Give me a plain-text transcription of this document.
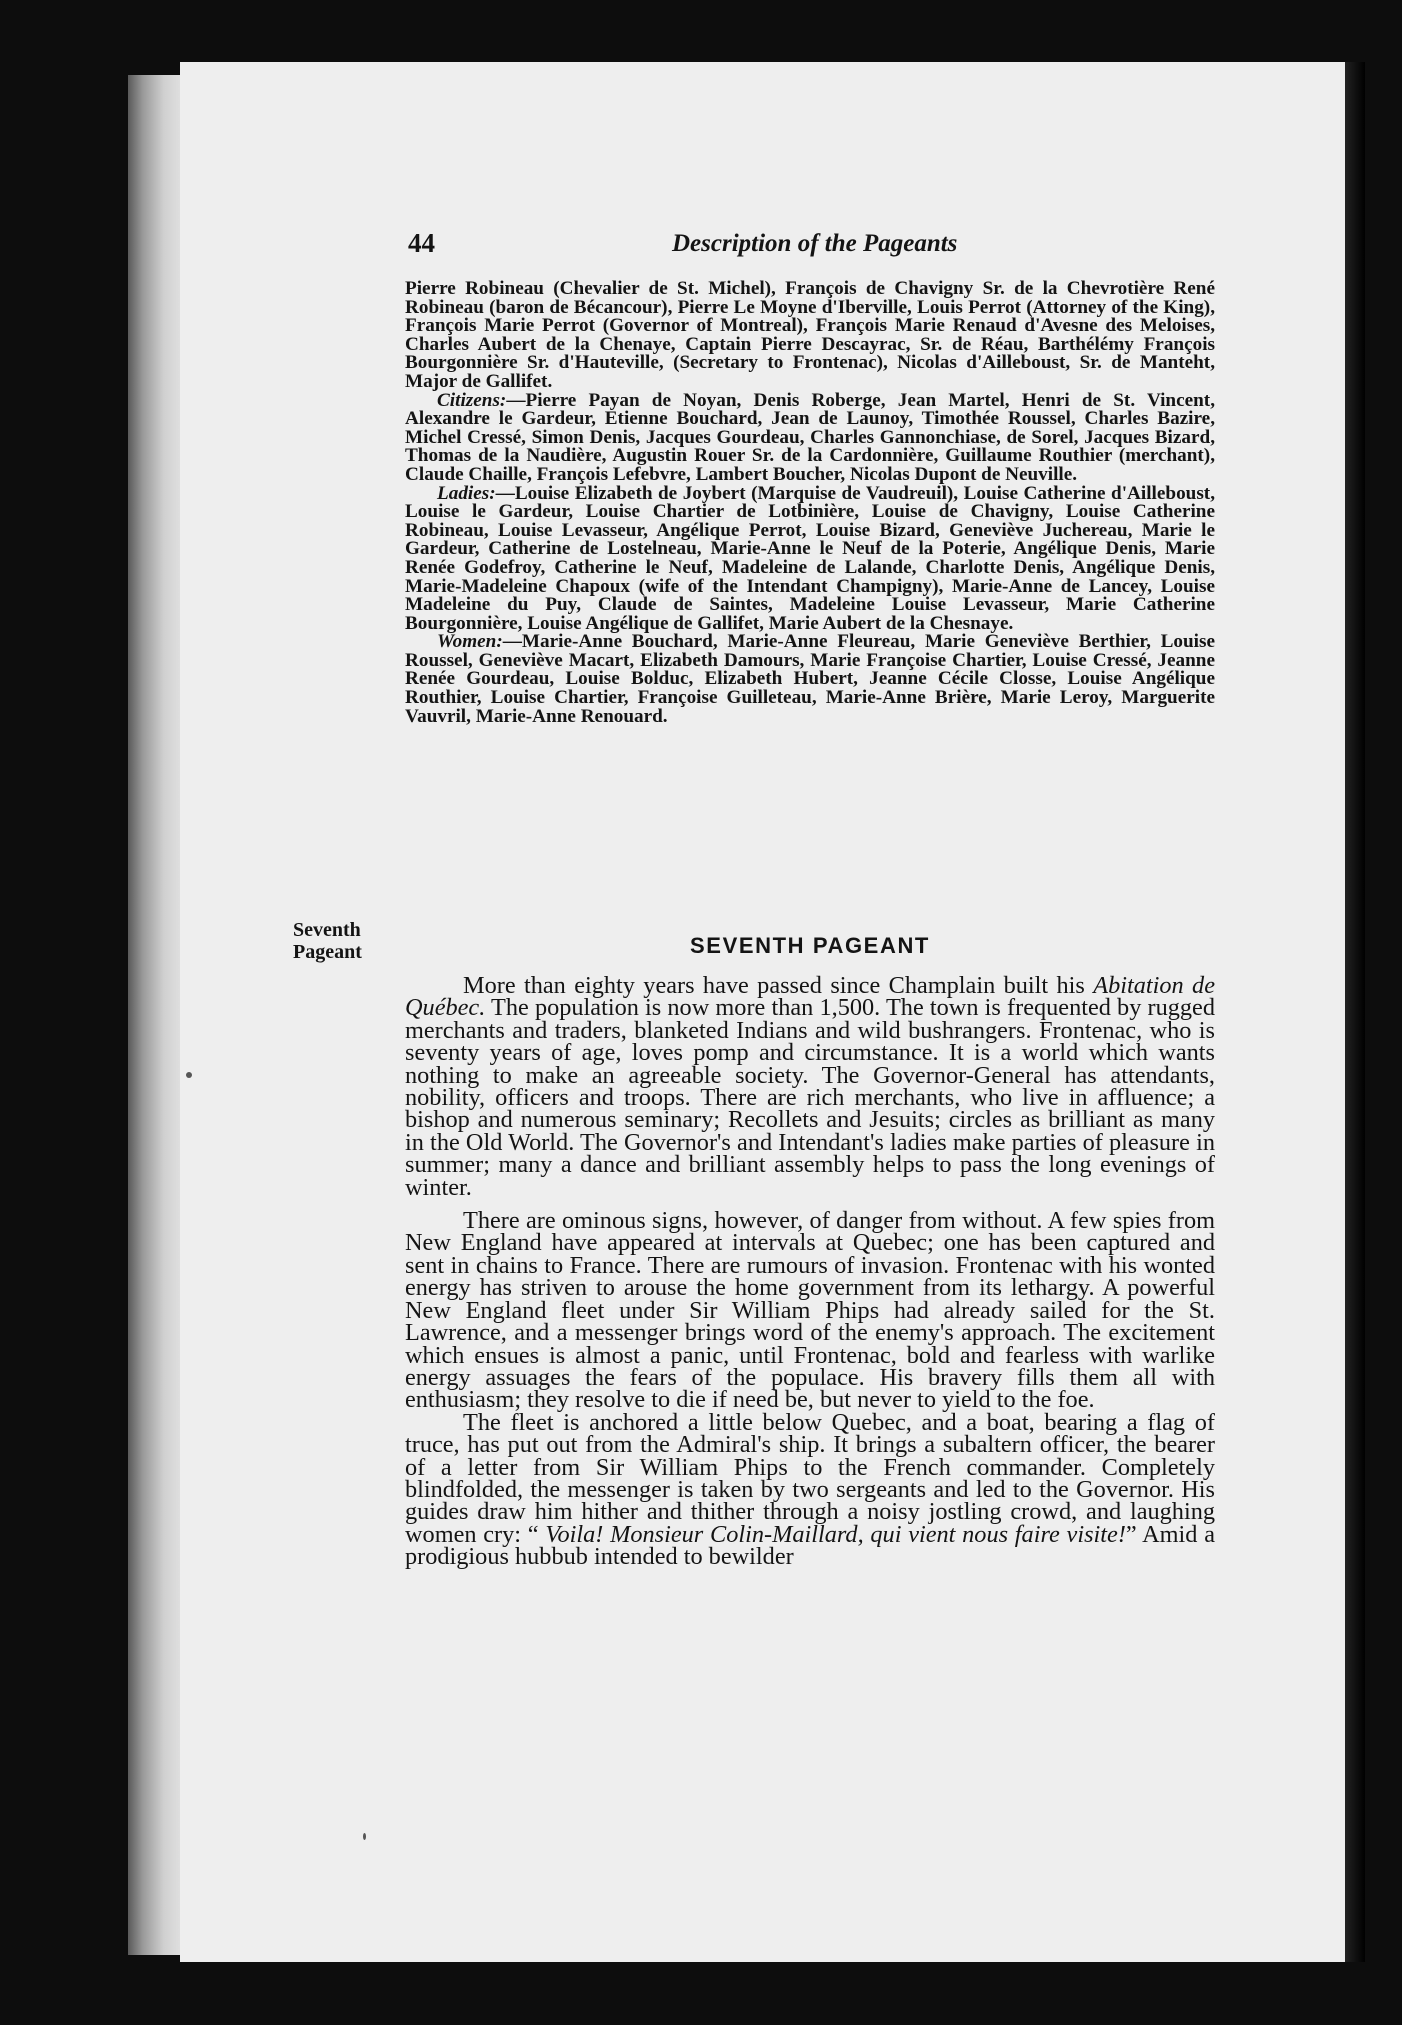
44	Description of the Pageants

Pierre Robineau (Chevalier de St. Michel), François de Chavigny Sr. de la Chevrotière René Robineau (baron de Bécancour), Pierre Le Moyne d'Iberville, Louis Perrot (Attorney of the King), François Marie Perrot (Governor of Montreal), François Marie Renaud d'Avesne des Meloises, Charles Aubert de la Chenaye, Captain Pierre Descayrac, Sr. de Réau, Barthélémy François Bourgonnière Sr. d'Hauteville, (Secretary to Frontenac), Nicolas d'Ailleboust, Sr. de Manteht, Major de Gallifet.

Citizens:—Pierre Payan de Noyan, Denis Roberge, Jean Martel, Henri de St. Vincent, Alexandre le Gardeur, Etienne Bouchard, Jean de Launoy, Timothée Roussel, Charles Bazire, Michel Cressé, Simon Denis, Jacques Gourdeau, Charles Gannonchiase, de Sorel, Jacques Bizard, Thomas de la Naudière, Augustin Rouer Sr. de la Cardonnière, Guillaume Routhier (merchant), Claude Chaille, François Lefebvre, Lambert Boucher, Nicolas Dupont de Neuville.

Ladies:—Louise Elizabeth de Joybert (Marquise de Vaudreuil), Louise Catherine d'Ailleboust, Louise le Gardeur, Louise Chartier de Lotbinière, Louise de Chavigny, Louise Catherine Robineau, Louise Levasseur, Angélique Perrot, Louise Bizard, Geneviève Juchereau, Marie le Gardeur, Catherine de Lostelneau, Marie-Anne le Neuf de la Poterie, Angélique Denis, Marie Renée Godefroy, Catherine le Neuf, Madeleine de Lalande, Charlotte Denis, Angélique Denis, Marie-Madeleine Chapoux (wife of the Intendant Champigny), Marie-Anne de Lancey, Louise Madeleine du Puy, Claude de Saintes, Madeleine Louise Levasseur, Marie Catherine Bourgonnière, Louise Angélique de Gallifet, Marie Aubert de la Chesnaye.

Women:—Marie-Anne Bouchard, Marie-Anne Fleureau, Marie Geneviève Berthier, Louise Roussel, Geneviève Macart, Elizabeth Damours, Marie Françoise Chartier, Louise Cressé, Jeanne Renée Gourdeau, Louise Bolduc, Elizabeth Hubert, Jeanne Cécile Closse, Louise Angélique Routhier, Louise Chartier, Françoise Guilleteau, Marie-Anne Brière, Marie Leroy, Marguerite Vauvril, Marie-Anne Renouard.

Seventh
Pageant	SEVENTH PAGEANT

More than eighty years have passed since Champlain built his Abitation de Québec. The population is now more than 1,500. The town is frequented by rugged merchants and traders, blanketed Indians and wild bushrangers. Frontenac, who is seventy years of age, loves pomp and circumstance. It is a world which wants nothing to make an agreeable society. The Governor-General has attendants, nobility, officers and troops. There are rich merchants, who live in affluence; a bishop and numerous seminary; Recollets and Jesuits; circles as brilliant as many in the Old World. The Governor's and Intendant's ladies make parties of pleasure in summer; many a dance and brilliant assembly helps to pass the long evenings of winter.

There are ominous signs, however, of danger from without. A few spies from New England have appeared at intervals at Quebec; one has been captured and sent in chains to France. There are rumours of invasion. Frontenac with his wonted energy has striven to arouse the home government from its lethargy. A powerful New England fleet under Sir William Phips had already sailed for the St. Lawrence, and a messenger brings word of the enemy's approach. The excitement which ensues is almost a panic, until Frontenac, bold and fearless with warlike energy assuages the fears of the populace. His bravery fills them all with enthusiasm; they resolve to die if need be, but never to yield to the foe.

The fleet is anchored a little below Quebec, and a boat, bearing a flag of truce, has put out from the Admiral's ship. It brings a subaltern officer, the bearer of a letter from Sir William Phips to the French commander. Completely blindfolded, the messenger is taken by two sergeants and led to the Governor. His guides draw him hither and thither through a noisy jostling crowd, and laughing women cry: “ Voila! Monsieur Colin-Maillard, qui vient nous faire visite!” Amid a prodigious hubbub intended to bewilder
